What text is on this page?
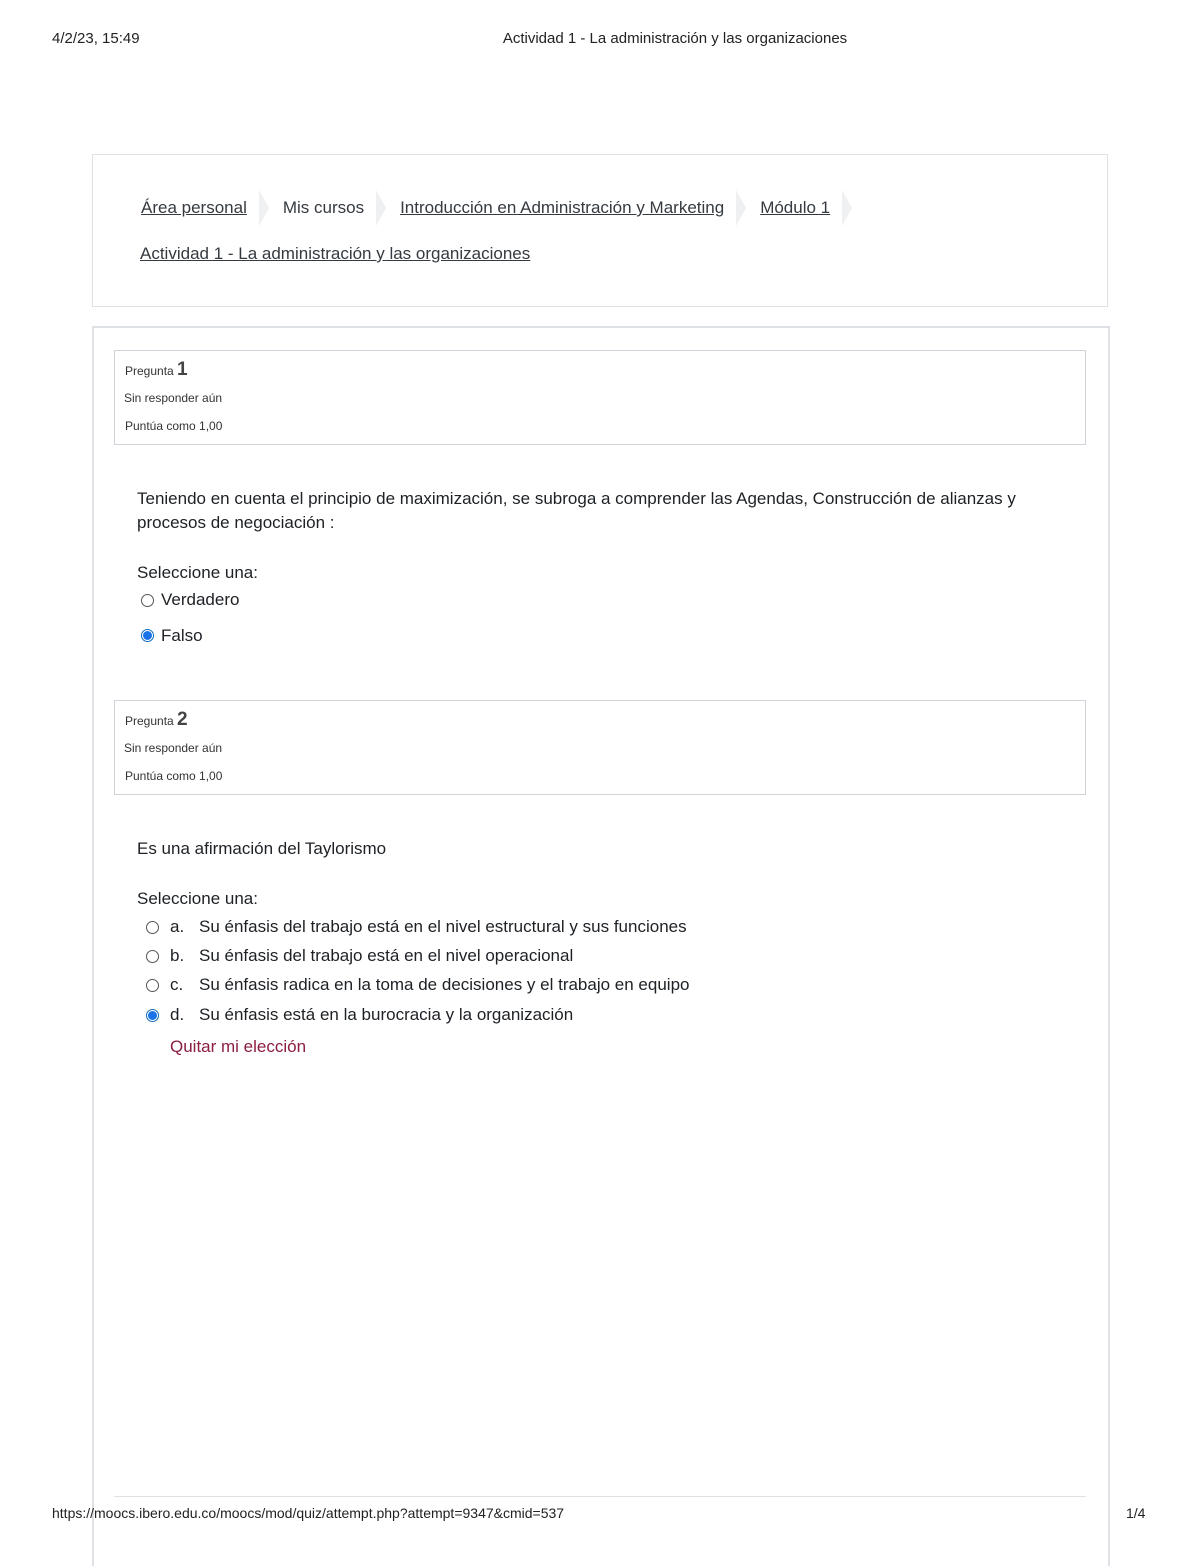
4/2/23, 15:49	Actividad 1 - La administración y las organizaciones
Área personal Mis cursos Introducción en Administración y Marketing Módulo 1
Actividad 1 - La administración y las organizaciones
Pregunta 1
Sin responder aún
Puntúa como 1,00
Teniendo en cuenta el principio de maximización, se subroga a comprender las Agendas, Construcción de alianzas y procesos de negociación :
Seleccione una:
Verdadero
Falso
Pregunta 2
Sin responder aún
Puntúa como 1,00
Es una afirmación del Taylorismo
Seleccione una:
a. Su énfasis del trabajo está en el nivel estructural y sus funciones
b. Su énfasis del trabajo está en el nivel operacional
c. Su énfasis radica en la toma de decisiones y el trabajo en equipo
d. Su énfasis está en la burocracia y la organización
Quitar mi elección
https://moocs.ibero.edu.co/moocs/mod/quiz/attempt.php?attempt=9347&cmid=537	1/4
